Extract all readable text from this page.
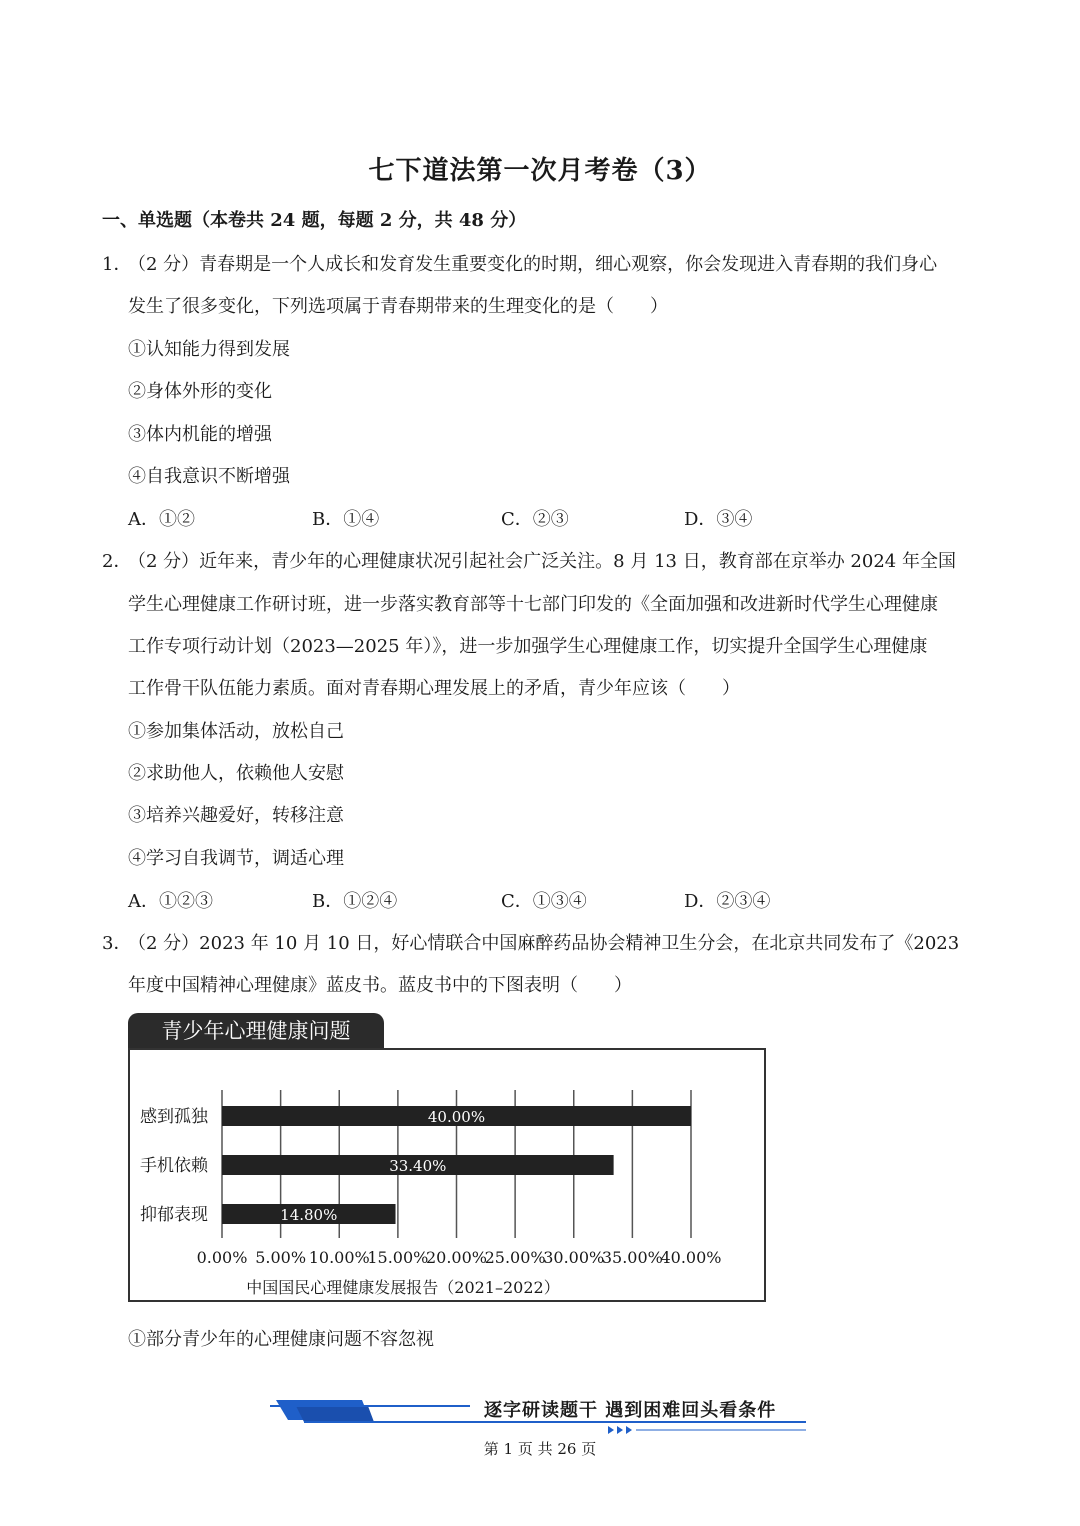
七下道法第一次月考卷（3）
一、单选题（本卷共 24 题，每题 2 分，共 48 分）
1．（2 分）青春期是一个人成长和发育发生重要变化的时期，细心观察，你会发现进入青春期的我们身心
发生了很多变化，下列选项属于青春期带来的生理变化的是（　　）
①认知能力得到发展
②身体外形的变化
③体内机能的增强
④自我意识不断增强
A．①②	B．①④	C．②③	D．③④
2．（2 分）近年来，青少年的心理健康状况引起社会广泛关注。8 月 13 日，教育部在京举办 2024 年全国
学生心理健康工作研讨班，进一步落实教育部等十七部门印发的《全面加强和改进新时代学生心理健康
工作专项行动计划（2023—2025 年）》，进一步加强学生心理健康工作，切实提升全国学生心理健康
工作骨干队伍能力素质。面对青春期心理发展上的矛盾，青少年应该（　　）
①参加集体活动，放松自己
②求助他人，依赖他人安慰
③培养兴趣爱好，转移注意
④学习自我调节，调适心理
A．①②③	B．①②④	C．①③④	D．②③④
3．（2 分）2023 年 10 月 10 日，好心情联合中国麻醉药品协会精神卫生分会，在北京共同发布了《2023
年度中国精神心理健康》蓝皮书。蓝皮书中的下图表明（　　）
青少年心理健康问题
0.00% 5.00% 10.00%
15.00%
20.00%
25.00%
30.00%
35.00%
40.00%
感到孤独	40.00%
手机依赖	33.40%
抑郁表现	14.80%
中国国民心理健康发展报告（2021–2022）
①部分青少年的心理健康问题不容忽视
逐字研读题干 遇到困难回头看条件
第 1 页 共 26 页
